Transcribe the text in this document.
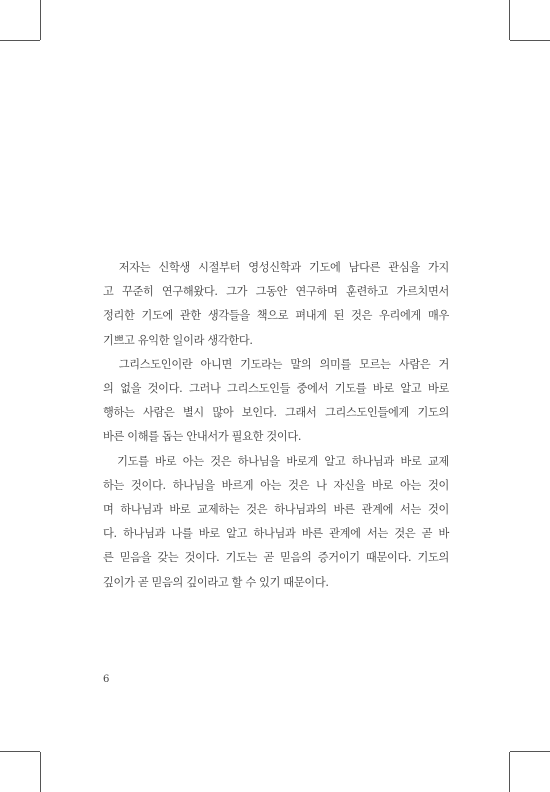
　저자는 신학생 시절부터 영성신학과 기도에 남다른 관심을 가지
고 꾸준히 연구해왔다. 그가 그동안 연구하며 훈련하고 가르치면서
정리한 기도에 관한 생각들을 책으로 펴내게 된 것은 우리에게 매우
기쁘고 유익한 일이라 생각한다.

　그리스도인이란 아니면 기도라는 말의 의미를 모르는 사람은 거
의 없을 것이다. 그러나 그리스도인들 중에서 기도를 바로 알고 바로
행하는 사람은 별시 많아 보인다. 그래서 그리스도인들에게 기도의
바른 이해를 돕는 안내서가 필요한 것이다.

　기도를 바로 아는 것은 하나님을 바로게 알고 하나님과 바로 교제
하는 것이다. 하나님을 바르게 아는 것은 나 자신을 바로 아는 것이
며 하나님과 바로 교제하는 것은 하나님과의 바른 관계에 서는 것이
다. 하나님과 나를 바로 알고 하나님과 바른 관계에 서는 것은 곧 바
른 믿음을 갖는 것이다. 기도는 곧 믿음의 증거이기 때문이다. 기도의
깊이가 곧 믿음의 깊이라고 할 수 있기 때문이다.

6
